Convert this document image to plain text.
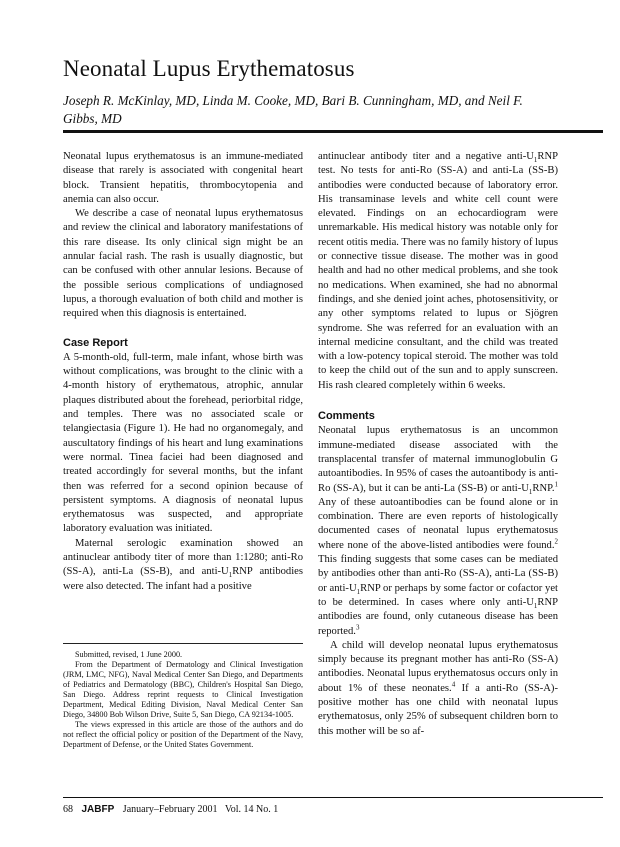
Neonatal Lupus Erythematosus

Joseph R. McKinlay, MD, Linda M. Cooke, MD, Bari B. Cunningham, MD, and Neil F. Gibbs, MD

Neonatal lupus erythematosus is an immune-mediated disease that rarely is associated with congenital heart block. Transient hepatitis, thrombocytopenia and anemia can also occur.

We describe a case of neonatal lupus erythematosus and review the clinical and laboratory manifestations of this rare disease. Its only clinical sign might be an annular facial rash. The rash is usually diagnostic, but can be confused with other annular lesions. Because of the possible serious complications of undiagnosed lupus, a thorough evaluation of both child and mother is required when this diagnosis is entertained.

Case Report

A 5-month-old, full-term, male infant, whose birth was without complications, was brought to the clinic with a 4-month history of erythematous, atrophic, annular plaques distributed about the forehead, periorbital ridge, and temples. There was no associated scale or telangiectasia (Figure 1). He had no organomegaly, and auscultatory findings of his heart and lung examinations were normal. Tinea faciei had been diagnosed and treated accordingly for several months, but the infant then was referred for a second opinion because of persistent symptoms. A diagnosis of neonatal lupus erythematosus was suspected, and appropriate laboratory evaluation was initiated.

Maternal serologic examination showed an antinuclear antibody titer of more than 1:1280; anti-Ro (SS-A), anti-La (SS-B), and anti-$U_1RNP$ antibodies were also detected. The infant had a positive

antinuclear antibody titer and a negative anti-$U_1RNP$ test. No tests for anti-Ro (SS-A) and anti-La (SS-B) antibodies were conducted because of laboratory error. His transaminase levels and white cell count were elevated. Findings on an echocardiogram were unremarkable. His medical history was notable only for recent otitis media. There was no family history of lupus or connective tissue disease. The mother was in good health and had no other medical problems, and she took no medications. When examined, she had no abnormal findings, and she denied joint aches, photosensitivity, or any other symptoms related to lupus or Sjögren syndrome. She was referred for an evaluation with an internal medicine consultant, and the child was treated with a low-potency topical steroid. The mother was told to keep the child out of the sun and to apply sunscreen. His rash cleared completely within 6 weeks.

Comments

Neonatal lupus erythematosus is an uncommon immune-mediated disease associated with the transplacental transfer of maternal immunoglobulin G autoantibodies. In 95% of cases the autoantibody is anti-Ro (SS-A), but it can be anti-La (SS-B) or anti-$U_1RNP.^1$ Any of these autoantibodies can be found alone or in combination. There are even reports of histologically documented cases of neonatal lupus erythematosus where none of the above-listed antibodies were found.$^2$ This finding suggests that some cases can be mediated by antibodies other than anti-Ro (SS-A), anti-La (SS-B) or anti-$U_1RNP$ or perhaps by some factor or cofactor yet to be determined. In cases where only anti-$U_1RNP$ antibodies are found, only cutaneous disease has been reported.$^3$

A child will develop neonatal lupus erythematosus simply because its pregnant mother has anti-Ro (SS-A) antibodies. Neonatal lupus erythematosus occurs only in about 1% of these neonates.$^4$ If a anti-Ro (SS-A)-positive mother has one child with neonatal lupus erythematosus, only 25% of subsequent children born to this mother will be so af-

Submitted, revised, 1 June 2000.

From the Department of Dermatology and Clinical Investigation (JRM, LMC, NFG), Naval Medical Center San Diego, and Departments of Pediatrics and Dermatology (BBC), Children's Hospital San Diego, San Diego. Address reprint requests to Clinical Investigation Department, Medical Editing Division, Naval Medical Center San Diego, 34800 Bob Wilson Drive, Suite 5, San Diego, CA 92134-1005.

The views expressed in this article are those of the authors and do not reflect the official policy or position of the Department of the Navy, Department of Defense, or the United States Government.

68 JABFP January–February 2001   Vol. 14 No. 1
